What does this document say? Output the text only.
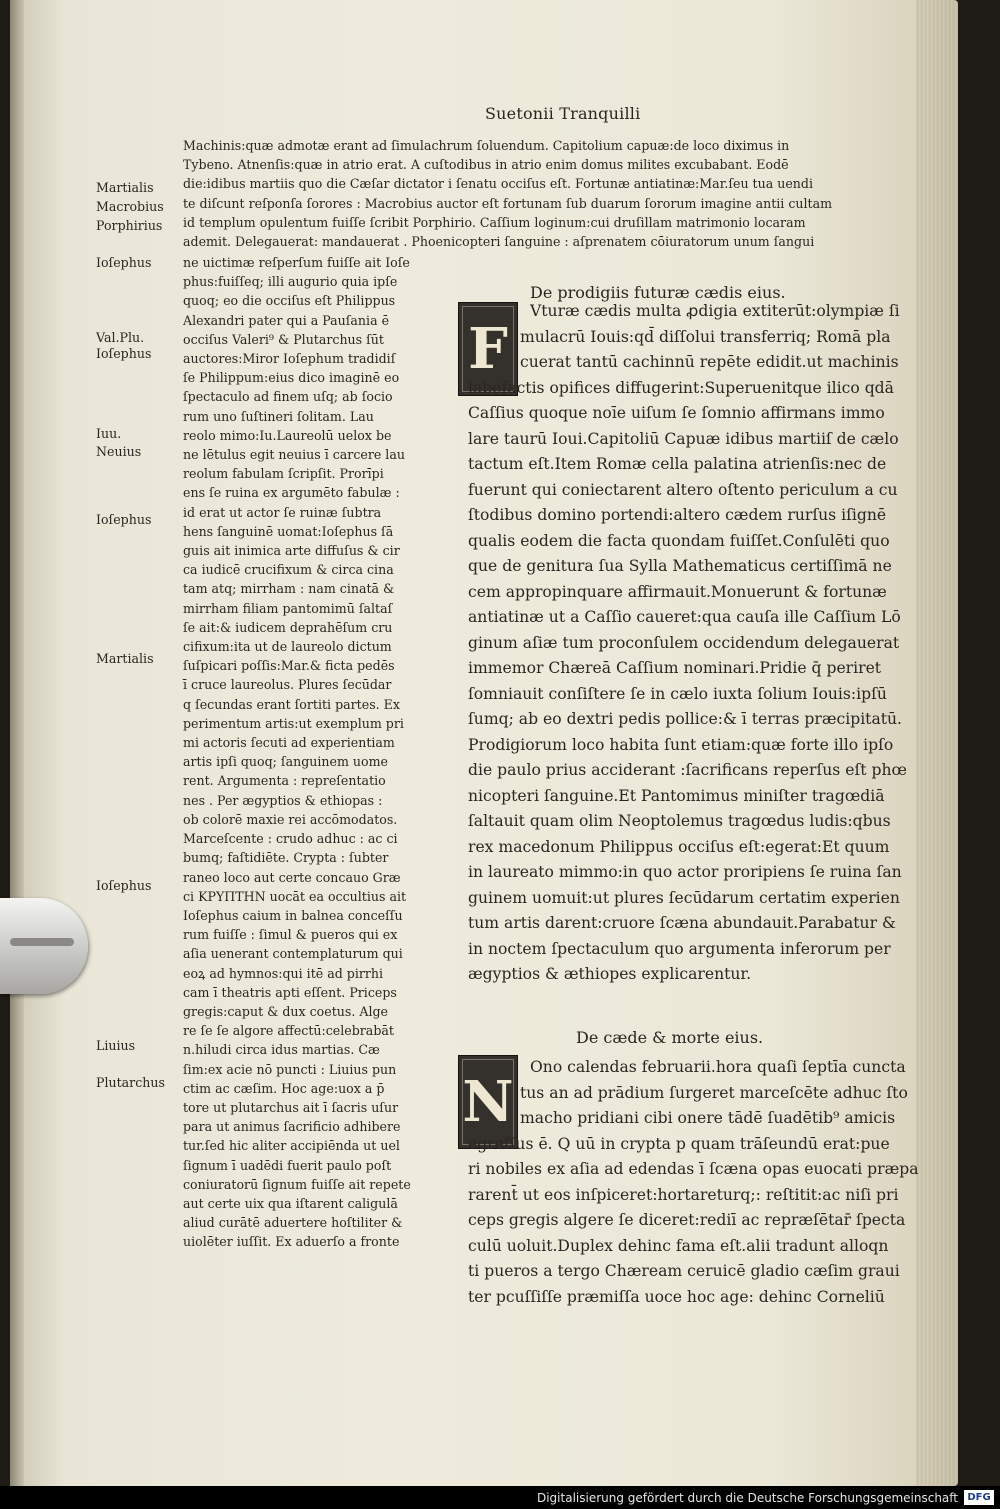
Suetonii Tranquilli
Machinis:quæ admotæ erant ad ſimulachrum ſoluendum. Capitolium capuæ:de loco diximus in
Tybeno. Atnenſis:quæ in atrio erat. A cuſtodibus in atrio enim domus milites excubabant. Eodē
die:idibus martiis quo die Cæſar dictator i ſenatu occiſus eſt. Fortunæ antiatinæ:Mar.ſeu tua uendi
te diſcunt reſponſa ſorores : Macrobius auctor eſt fortunam ſub duarum ſororum imagine antii cultam
id templum opulentum fuiſſe ſcribit Porphirio. Caſſium loginum:cui druſillam matrimonio locaram
ademit. Delegauerat: mandauerat . Phoenicopteri ſanguine : aſprenatem cōiuratorum unum ſangui
ne uictimæ reſperſum fuiſſe ait Ioſe
phus:fuiſſeq; illi augurio quia ipſe
quoq; eo die occiſus eſt Philippus
Alexandri pater qui a Pauſania ē
occiſus Valeri⁹ & Plutarchus ſūt
auctores:Miror Ioſephum tradidiſ
ſe Philippum:eius dico imaginē eo
ſpectaculo ad finem uſq; ab ſocio
rum uno ſuſtineri ſolitam. Lau
reolo mimo:Iu.Laureolū uelox be
ne lētulus egit neuius ī carcere lau
reolum fabulam ſcripſit. Prorīpi
ens ſe ruina ex argumēto fabulæ :
id erat ut actor ſe ruinæ ſubtra
hens ſanguinē uomat:Ioſephus ſā
guis ait inimica arte diffuſus & cir
ca iudicē crucifixum & circa cina
tam atq; mirrham : nam cinatā &
mirrham filiam pantomimū ſaltaſ
ſe ait:& iudicem deprahēſum cru
cifixum:ita ut de laureolo dictum
ſuſpicari poſſis:Mar.& ficta pedēs
ī cruce laureolus. Plures ſecūdar
q ſecundas erant ſortiti partes. Ex
perimentum artis:ut exemplum pri
mi actoris ſecuti ad experientiam
artis ipſi quoq; ſanguinem uome
rent. Argumenta : repreſentatio
nes . Per ægyptios & ethiopas :
ob colorē maxie rei accōmodatos.
Marceſcente : crudo adhuc : ac ci
bumq; faſtidiēte. Crypta : ſubter
raneo loco aut certe concauo Græ
ci ΚΡΥΠΤΗΝ uocāt ea occultius ait
Ioſephus caium in balnea conceſſu
rum fuiſſe : ſimul & pueros qui ex
aſia uenerant contemplaturum qui
eoꝝ ad hymnos:qui itē ad pirrhi
cam ī theatris apti eſſent. Priceps
gregis:caput & dux coetus. Alge
re ſe ſe algore affectū:celebrabāt
n.hiludi circa idus martias. Cæ
ſim:ex acie nō puncti : Liuius pun
ctim ac cæſim. Hoc age:uox a p̄
tore ut plutarchus ait ī ſacris uſur
para ut animus ſacrificio adhibere
tur.ſed hic aliter accipiēnda ut uel
ſignum ī uadēdi fuerit paulo poſt
coniuratorū ſignum fuiſſe ait repete
aut certe uix qua iſtarent caligulā
aliud curātē aduertere hoſtiliter &
uiolēter iuſſit. Ex aduerſo a fronte
Martialis
Macrobius
Porphirius
Ioſephus
Val.Plu.
Ioſephus
Iuu.
Neuius
Ioſephus
Martialis
Ioſephus
Liuius
Plutarchus
De prodigiis futuræ cædis eius.
F
Vturæ cædis multa ꝓdigia extiterūt:olympiæ ſi
mulacrū Iouis:qd̄ diſſolui transferriq; Romā pla
cuerat tantū cachinnū repēte edidit.ut machinis
labefactis opifices diffugerint:Superuenitque ilico qdā
Caſſius quoque noīe uiſum ſe ſomnio affirmans immo
lare taurū Ioui.Capitoliū Capuæ idibus martiiſ de cælo
tactum eſt.Item Romæ cella palatina atrienſis:nec de
fuerunt qui coniectarent altero oſtento periculum a cu
ſtodibus domino portendi:altero cædem rurſus iſignē
qualis eodem die facta quondam fuiſſet.Conſulēti quo
que de genitura ſua Sylla Mathematicus certiſſimā ne
cem appropinquare affirmauit.Monuerunt & fortunæ
antiatinæ ut a Caſſio caueret:qua cauſa ille Caſſium Lō
ginum aſiæ tum proconſulem occidendum delegauerat
immemor Chæreā Caſſium nominari.Pridie q̄ periret
ſomniauit conſiſtere ſe in cælo iuxta ſolium Iouis:ipſū
ſumq; ab eo dextri pedis pollice:& ī terras præcipitatū.
Prodigiorum loco habita ſunt etiam:quæ forte illo ipſo
die paulo prius acciderant :ſacrificans reperſus eſt phœ
nicopteri ſanguine.Et Pantomimus miniſter tragœdiā
ſaltauit quam olim Neoptolemus tragœdus ludis:qbus
rex macedonum Philippus occiſus eſt:egerat:Et quum
in laureato mimmo:in quo actor proripiens ſe ruina ſan
guinem uomuit:ut plures ſecūdarum certatim experien
tum artis darent:cruore ſcæna abundauit.Parabatur &
in noctem ſpectaculum quo argumenta inferorum per
ægyptios & æthiopes explicarentur.
De cæde & morte eius.
N
Ono calendas februarii.hora quaſi ſeptīa cuncta
tus an ad prādium ſurgeret marceſcēte adhuc ſto
macho pridiani cibi onere tādē ſuadētib⁹ amicis
egreſſus ē. Q uū in crypta p quam trāſeundū erat:pue
ri nobiles ex aſia ad edendas ī ſcæna opas euocati præpa
rarent̄ ut eos inſpiceret:hortareturq;: reſtitit:ac niſi pri
ceps gregis algere ſe diceret:rediī ac repræſētar̄ ſpecta
culū uoluit.Duplex dehinc fama eſt.alii tradunt alloqn
ti pueros a tergo Chæream ceruicē gladio cæſim graui
ter pcuſſiſſe præmiſſa uoce hoc age: dehinc Corneliū
Digitalisierung gefördert durch die Deutsche Forschungsgemeinschaft DFG
